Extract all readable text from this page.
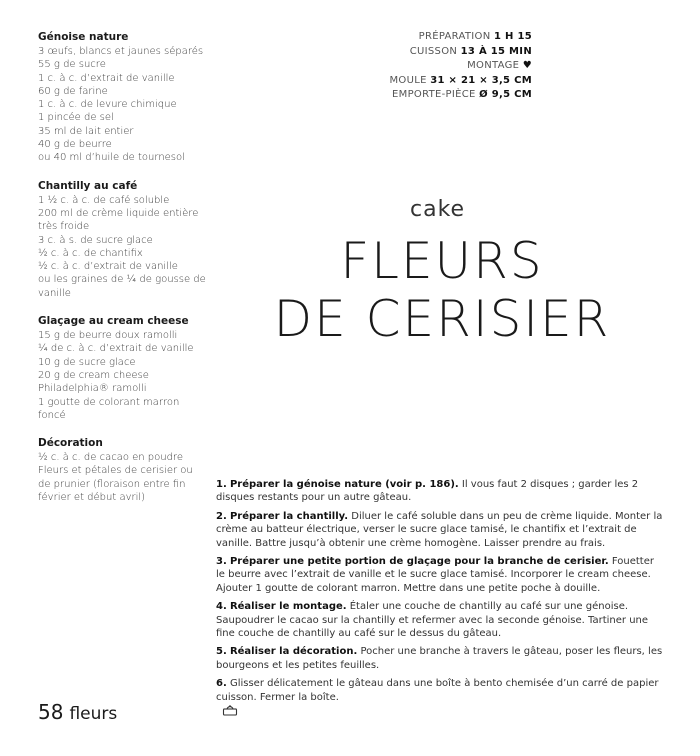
Génoise nature
3 œufs, blancs et jaunes séparés
55 g de sucre
1 c. à c. d’extrait de vanille
60 g de farine
1 c. à c. de levure chimique
1 pincée de sel
35 ml de lait entier
40 g de beurre
ou 40 ml d’huile de tournesol
Chantilly au café
1 ½ c. à c. de café soluble
200 ml de crème liquide entière très froide
3 c. à s. de sucre glace
½ c. à c. de chantifix
½ c. à c. d’extrait de vanille
ou les graines de ¼ de gousse de vanille
Glaçage au cream cheese
15 g de beurre doux ramolli
¼ de c. à c. d’extrait de vanille
10 g de sucre glace
20 g de cream cheese Philadelphia® ramolli
1 goutte de colorant marron foncé
Décoration
½ c. à c. de cacao en poudre
Fleurs et pétales de cerisier ou de prunier (floraison entre fin février et début avril)
PRÉPARATION 1 H 15
CUISSON 13 À 15 MIN
MONTAGE ♥
MOULE 31 × 21 × 3,5 CM
EMPORTE-PIÈCE Ø 9,5 CM
cake
FLEURS
DE CERISIER
1. Préparer la génoise nature (voir p. 186). Il vous faut 2 disques ; garder les 2 disques restants pour un autre gâteau.
2. Préparer la chantilly. Diluer le café soluble dans un peu de crème liquide. Monter la crème au batteur électrique, verser le sucre glace tamisé, le chantifix et l’extrait de vanille. Battre jusqu’à obtenir une crème homogène. Laisser prendre au frais.
3. Préparer une petite portion de glaçage pour la branche de cerisier. Fouetter le beurre avec l’extrait de vanille et le sucre glace tamisé. Incorporer le cream cheese. Ajouter 1 goutte de colorant marron. Mettre dans une petite poche à douille.
4. Réaliser le montage. Étaler une couche de chantilly au café sur une génoise. Saupoudrer le cacao sur la chantilly et refermer avec la seconde génoise. Tartiner une fine couche de chantilly au café sur le dessus du gâteau.
5. Réaliser la décoration. Pocher une branche à travers le gâteau, poser les fleurs, les bourgeons et les petites feuilles.
6. Glisser délicatement le gâteau dans une boîte à bento chemisée d’un carré de papier cuisson. Fermer la boîte.
58 fleurs
